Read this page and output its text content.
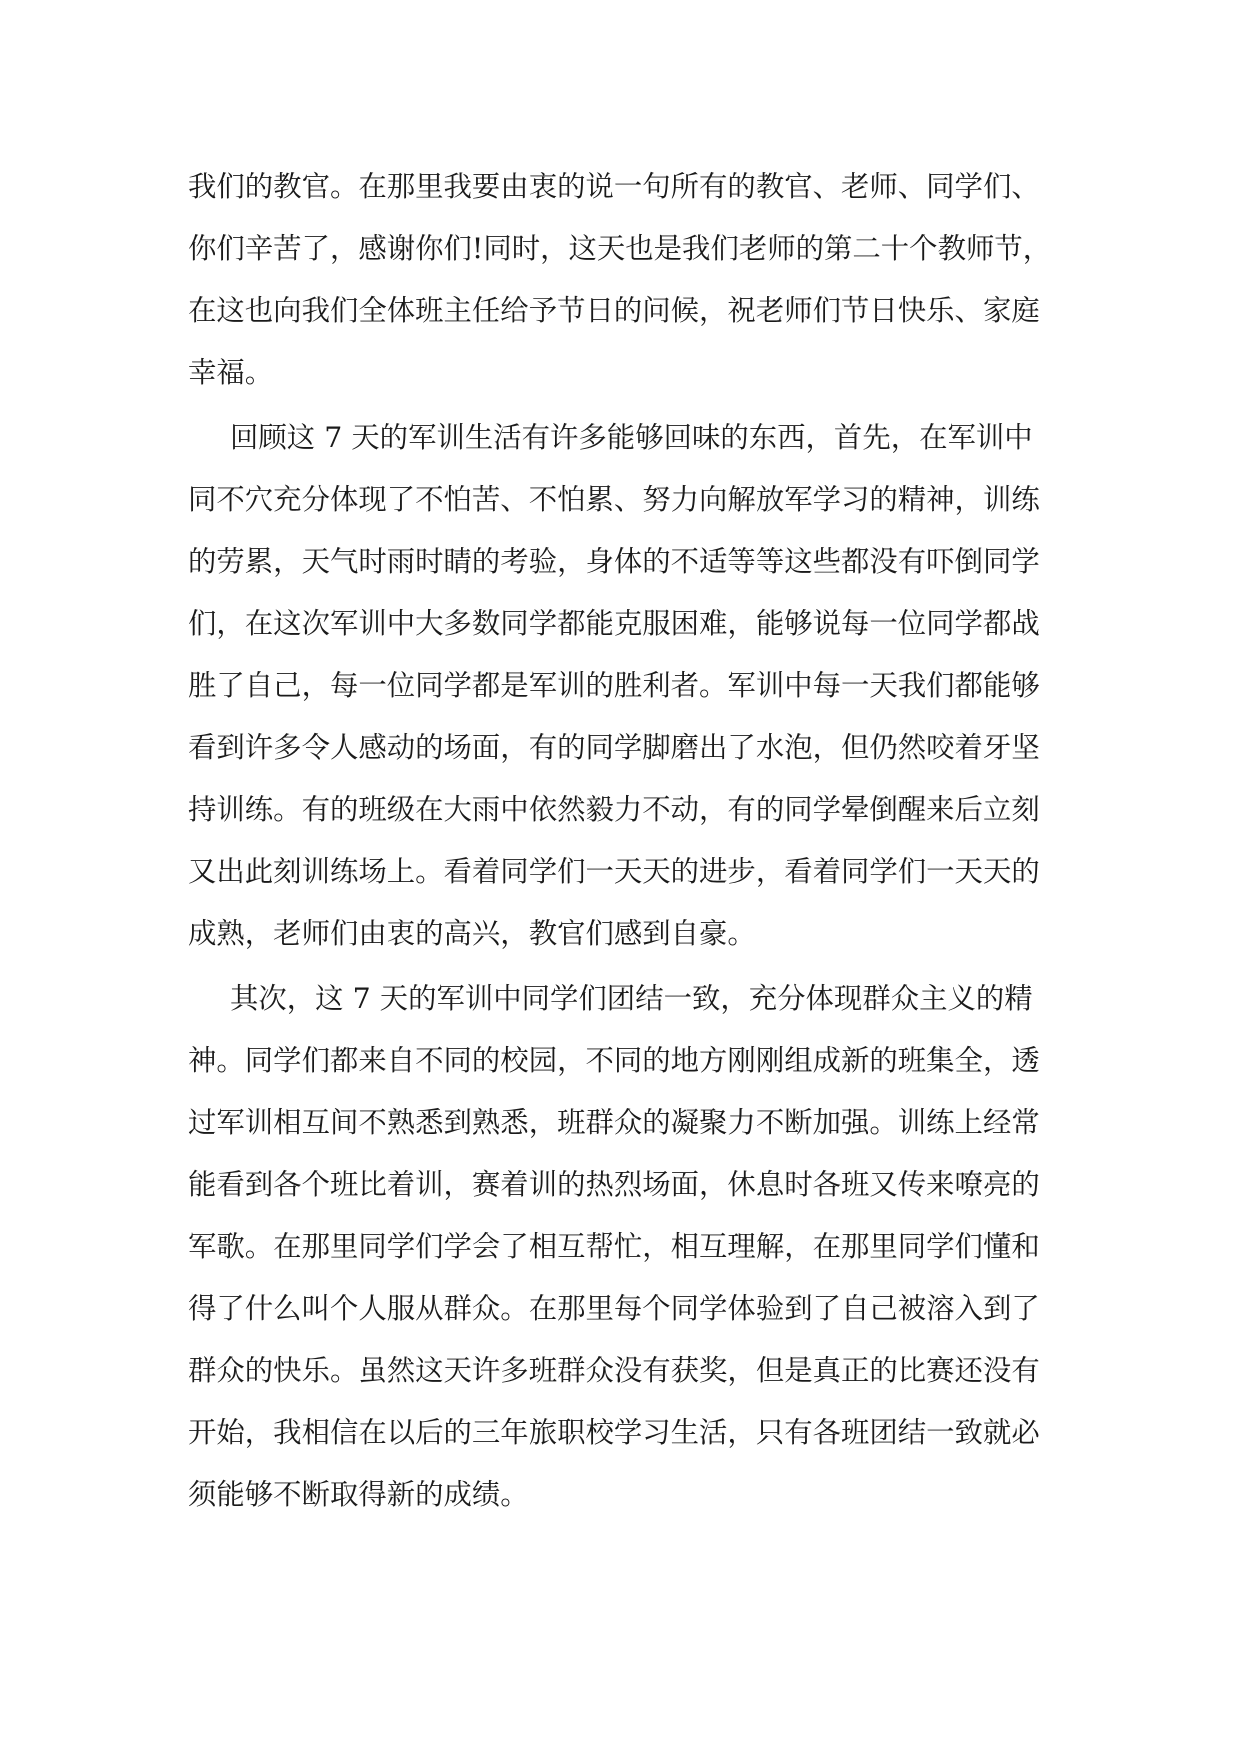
我们的教官。在那里我要由衷的说一句所有的教官、老师、同学们、
你们辛苦了，感谢你们!同时，这天也是我们老师的第二十个教师节，
在这也向我们全体班主任给予节日的问候，祝老师们节日快乐、家庭
幸福。
回顾这 7 天的军训生活有许多能够回味的东西，首先，在军训中
同不穴充分体现了不怕苦、不怕累、努力向解放军学习的精神，训练
的劳累，天气时雨时睛的考验，身体的不适等等这些都没有吓倒同学
们，在这次军训中大多数同学都能克服困难，能够说每一位同学都战
胜了自己，每一位同学都是军训的胜利者。军训中每一天我们都能够
看到许多令人感动的场面，有的同学脚磨出了水泡，但仍然咬着牙坚
持训练。有的班级在大雨中依然毅力不动，有的同学晕倒醒来后立刻
又出此刻训练场上。看着同学们一天天的进步，看着同学们一天天的
成熟，老师们由衷的高兴，教官们感到自豪。
其次，这 7 天的军训中同学们团结一致，充分体现群众主义的精
神。同学们都来自不同的校园，不同的地方刚刚组成新的班集全，透
过军训相互间不熟悉到熟悉，班群众的凝聚力不断加强。训练上经常
能看到各个班比着训，赛着训的热烈场面，休息时各班又传来嘹亮的
军歌。在那里同学们学会了相互帮忙，相互理解，在那里同学们懂和
得了什么叫个人服从群众。在那里每个同学体验到了自己被溶入到了
群众的快乐。虽然这天许多班群众没有获奖，但是真正的比赛还没有
开始，我相信在以后的三年旅职校学习生活，只有各班团结一致就必
须能够不断取得新的成绩。
